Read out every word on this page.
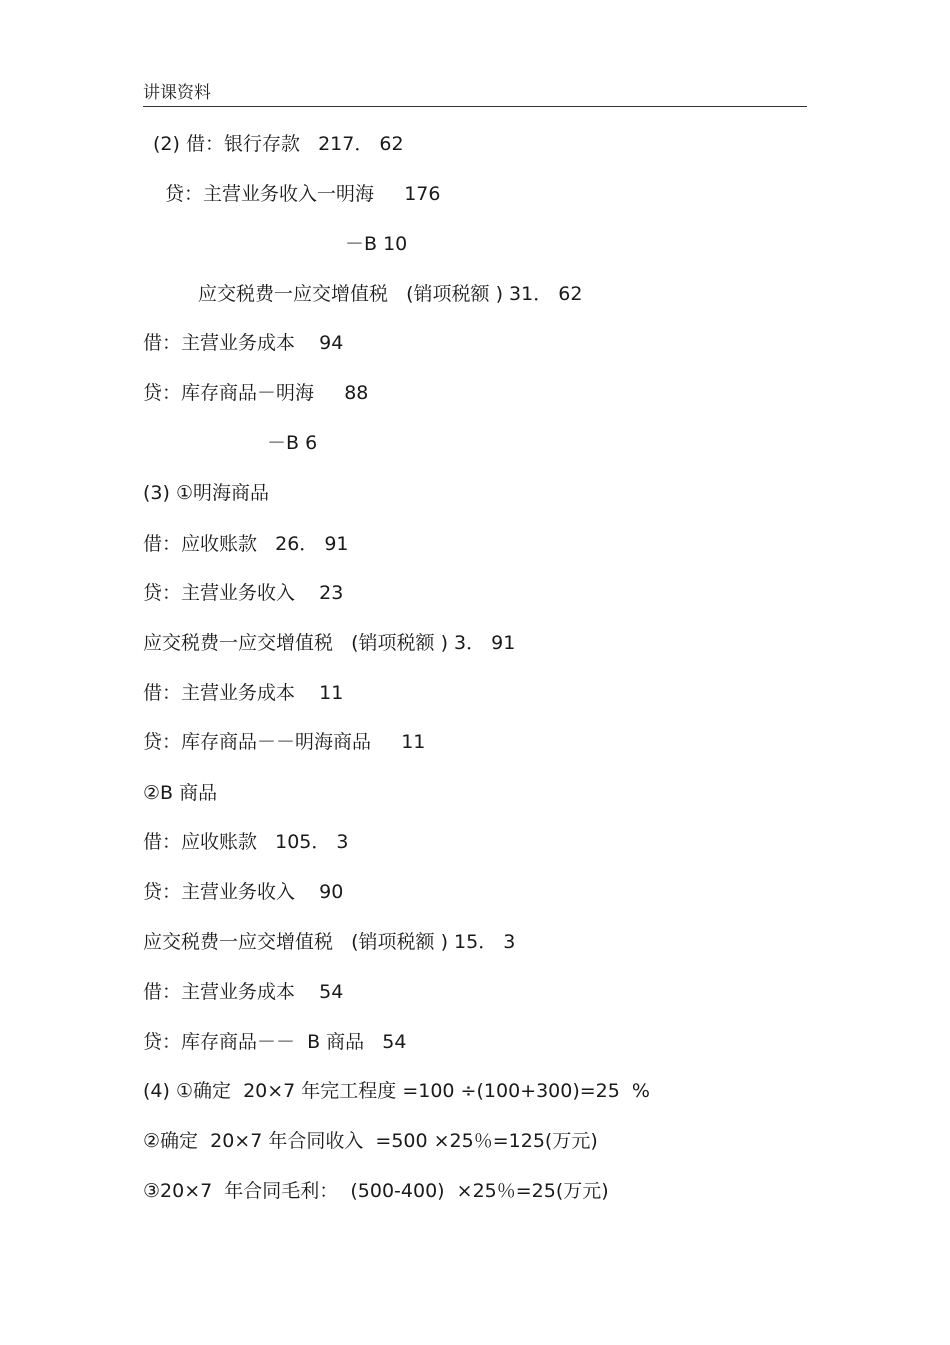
讲课资料
(2) 借：银行存款   217． 62
贷：主营业务收入一明海     176
－B 10
应交税费一应交增值税   (销项税额 ) 31． 62
借：主营业务成本    94
贷：库存商品－明海     88
－B 6
(3) ①明海商品
借：应收账款   26． 91
贷：主营业务收入    23
应交税费一应交增值税   (销项税额 ) 3． 91
借：主营业务成本    11
贷：库存商品－－明海商品     11
②B 商品
借：应收账款   105． 3
贷：主营业务收入    90
应交税费一应交增值税   (销项税额 ) 15． 3
借：主营业务成本    54
贷：库存商品－－  B 商品   54
(4) ①确定  20×7 年完工程度 =100 ÷(100+300)=25  %
②确定  20×7 年合同收入  =500 ×25％=125(万元)
③20×7  年合同毛利：  (500-400)  ×25％=25(万元)
